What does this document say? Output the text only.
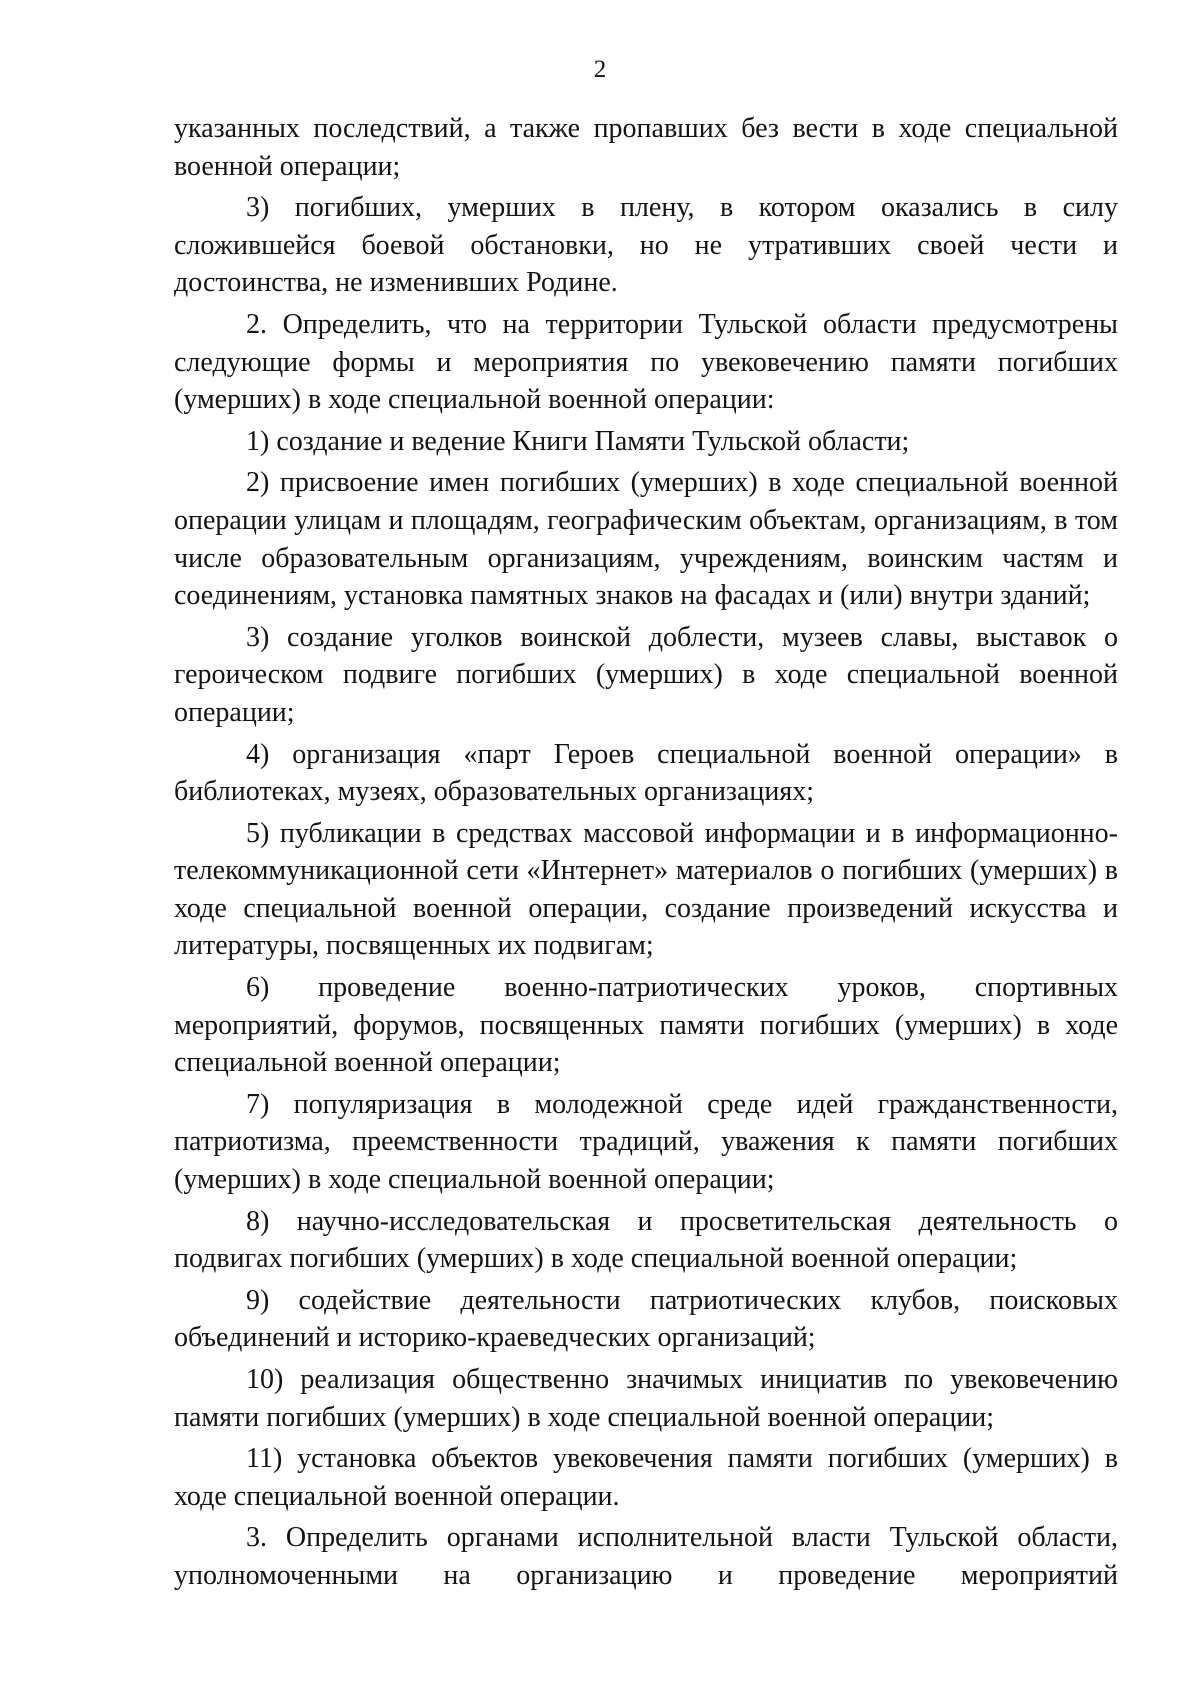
2

указанных последствий, а также пропавших без вести в ходе специальной военной операции;

3) погибших, умерших в плену, в котором оказались в силу сложившейся боевой обстановки, но не утративших своей чести и достоинства, не изменивших Родине.

2. Определить, что на территории Тульской области предусмотрены следующие формы и мероприятия по увековечению памяти погибших (умерших) в ходе специальной военной операции:

1) создание и ведение Книги Памяти Тульской области;

2) присвоение имен погибших (умерших) в ходе специальной военной операции улицам и площадям, географическим объектам, организациям, в том числе образовательным организациям, учреждениям, воинским частям и соединениям, установка памятных знаков на фасадах и (или) внутри зданий;

3) создание уголков воинской доблести, музеев славы, выставок о героическом подвиге погибших (умерших) в ходе специальной военной операции;

4) организация «парт Героев специальной военной операции» в библиотеках, музеях, образовательных организациях;

5) публикации в средствах массовой информации и в информационно-телекоммуникационной сети «Интернет» материалов о погибших (умерших) в ходе специальной военной операции, создание произведений искусства и литературы, посвященных их подвигам;

6) проведение военно-патриотических уроков, спортивных мероприятий, форумов, посвященных памяти погибших (умерших) в ходе специальной военной операции;

7) популяризация в молодежной среде идей гражданственности, патриотизма, преемственности традиций, уважения к памяти погибших (умерших) в ходе специальной военной операции;

8) научно-исследовательская и просветительская деятельность о подвигах погибших (умерших) в ходе специальной военной операции;

9) содействие деятельности патриотических клубов, поисковых объединений и историко-краеведческих организаций;

10) реализация общественно значимых инициатив по увековечению памяти погибших (умерших) в ходе специальной военной операции;

11) установка объектов увековечения памяти погибших (умерших) в ходе специальной военной операции.

3. Определить органами исполнительной власти Тульской области, уполномоченными на организацию и проведение мероприятий
